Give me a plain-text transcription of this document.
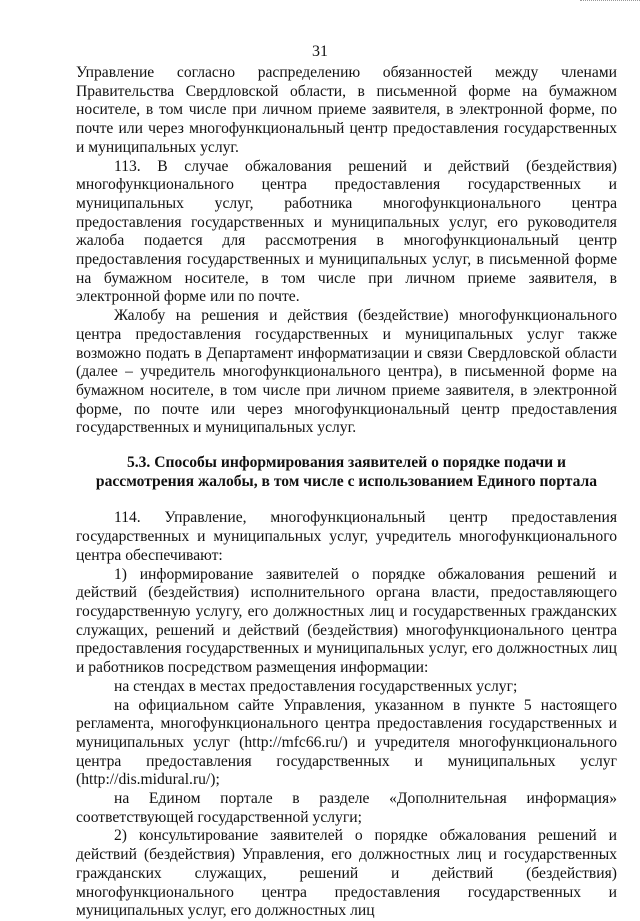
31

Управление согласно распределению обязанностей между членами Правительства Свердловской области, в письменной форме на бумажном носителе, в том числе при личном приеме заявителя, в электронной форме, по почте или через многофункциональный центр предоставления государственных и муниципальных услуг.

113. В случае обжалования решений и действий (бездействия) многофункционального центра предоставления государственных и муниципальных услуг, работника многофункционального центра предоставления государственных и муниципальных услуг, его руководителя жалоба подается для рассмотрения в многофункциональный центр предоставления государственных и муниципальных услуг, в письменной форме на бумажном носителе, в том числе при личном приеме заявителя, в электронной форме или по почте.

Жалобу на решения и действия (бездействие) многофункционального центра предоставления государственных и муниципальных услуг также возможно подать в Департамент информатизации и связи Свердловской области (далее – учредитель многофункционального центра), в письменной форме на бумажном носителе, в том числе при личном приеме заявителя, в электронной форме, по почте или через многофункциональный центр предоставления государственных и муниципальных услуг.

5.3. Способы информирования заявителей о порядке подачи и рассмотрения жалобы, в том числе с использованием Единого портала

114. Управление, многофункциональный центр предоставления государственных и муниципальных услуг, учредитель многофункционального центра обеспечивают:

1) информирование заявителей о порядке обжалования решений и действий (бездействия) исполнительного органа власти, предоставляющего государственную услугу, его должностных лиц и государственных гражданских служащих, решений и действий (бездействия) многофункционального центра предоставления государственных и муниципальных услуг, его должностных лиц и работников посредством размещения информации:

на стендах в местах предоставления государственных услуг;

на официальном сайте Управления, указанном в пункте 5 настоящего регламента, многофункционального центра предоставления государственных и муниципальных услуг (http://mfc66.ru/) и учредителя многофункционального центра предоставления государственных и муниципальных услуг (http://dis.midural.ru/);

на Едином портале в разделе «Дополнительная информация» соответствующей государственной услуги;

2) консультирование заявителей о порядке обжалования решений и действий (бездействия) Управления, его должностных лиц и государственных гражданских служащих, решений и действий (бездействия) многофункционального центра предоставления государственных и муниципальных услуг, его должностных лиц
